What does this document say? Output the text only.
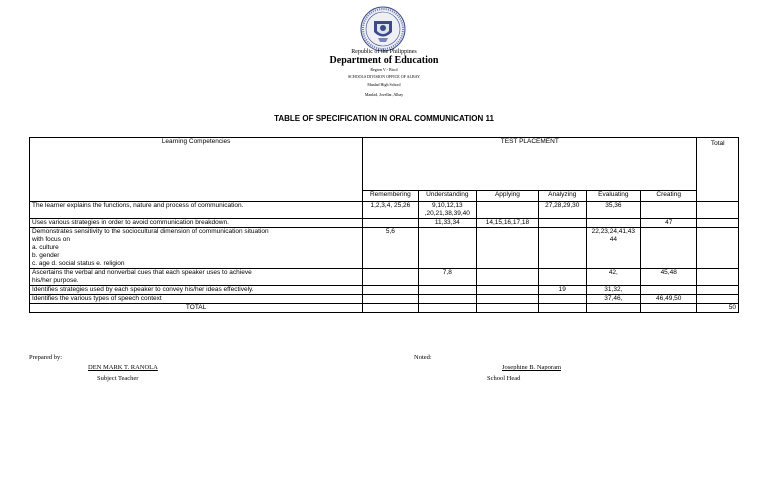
Republic of the Philippines
Department of Education
Region V - Bicol
SCHOOLS DIVISION OFFICE OF ALBAY
Manlad High School
Manlad, Jovellar, Albay
TABLE OF SPECIFICATION IN ORAL COMMUNICATION 11
Learning Competencies	TEST PLACEMENT						Total
	Remembering	Understanding	Applying	Analyzing	Evaluating	Creating	
The learner explains the functions, nature and process of communication.	1,2,3,4, 25,26	9,10,12,13
,20,21,38,39,40		27,28,29,30	35,36		
Uses various strategies in order to avoid communication breakdown.		11,33,34	14,15,16,17,18			47	
Demonstrates sensitivity to the sociocultural dimension of communication situation
with focus on
a. culture
b. gender
c. age d. social status e. religion	5,6				22,23,24,41,43
44		
Ascertains the verbal and nonverbal cues that each speaker uses to achieve
his/her purpose.		7,8			42,	45,48	
Identifies strategies used by each speaker to convey his/her ideas effectively.				19	31,32,		
Identifies the various types of speech context					37,46,	46,49,50	
TOTAL							50
Prepared by:
DEN MARK T. RANOLA
Subject Teacher
Noted:
Josephine B. Naporam
School Head
